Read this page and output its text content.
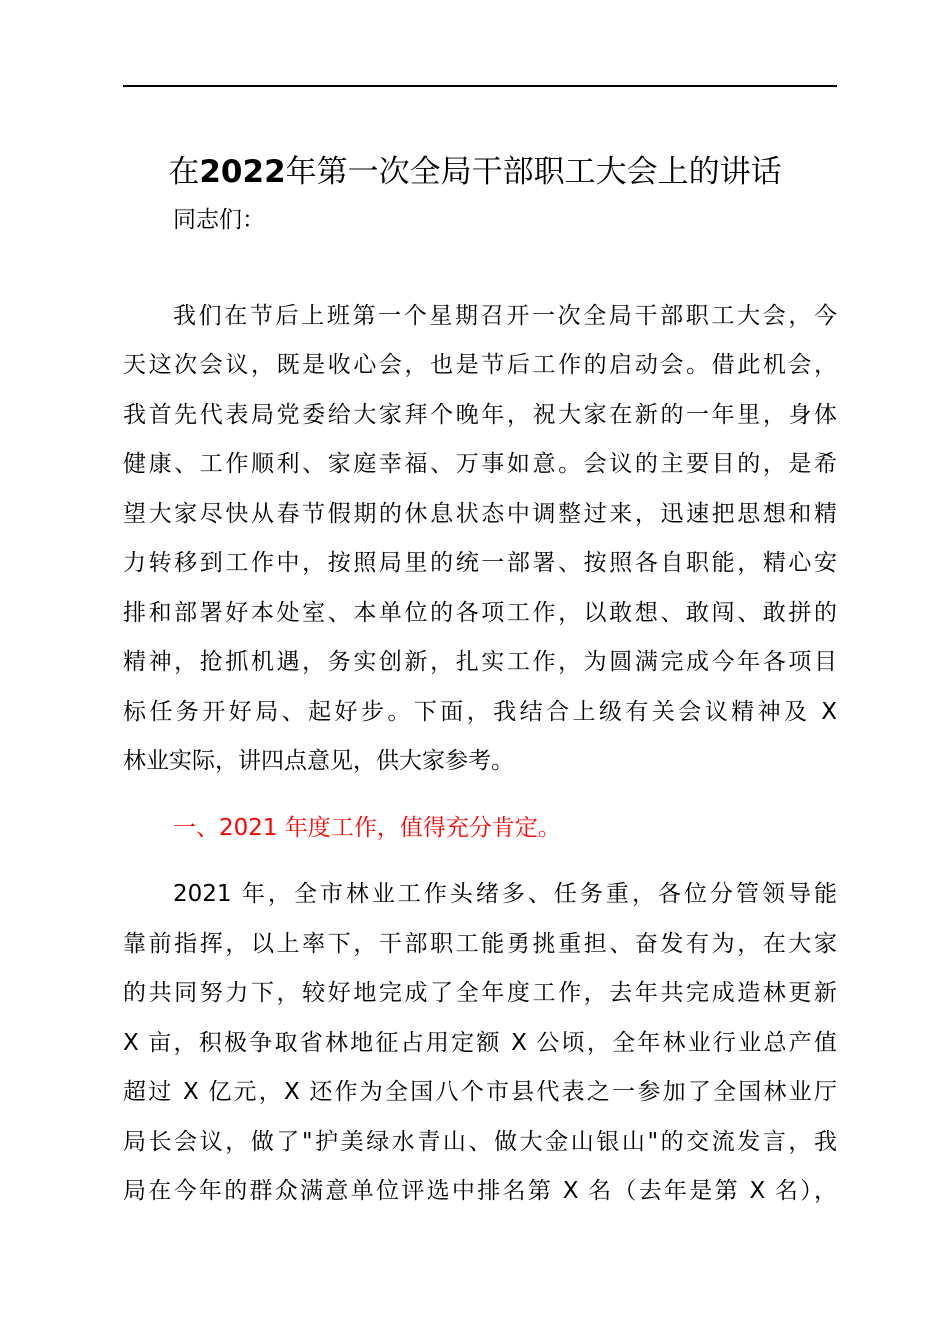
在2022年第一次全局干部职工大会上的讲话
同志们：
我们在节后上班第一个星期召开一次全局干部职工大会，今
天这次会议，既是收心会，也是节后工作的启动会。借此机会，
我首先代表局党委给大家拜个晚年，祝大家在新的一年里，身体
健康、工作顺利、家庭幸福、万事如意。会议的主要目的，是希
望大家尽快从春节假期的休息状态中调整过来，迅速把思想和精
力转移到工作中，按照局里的统一部署、按照各自职能，精心安
排和部署好本处室、本单位的各项工作，以敢想、敢闯、敢拼的
精神，抢抓机遇，务实创新，扎实工作，为圆满完成今年各项目
标任务开好局、起好步。下面，我结合上级有关会议精神及 X
林业实际，讲四点意见，供大家参考。
一、2021 年度工作，值得充分肯定。
2021 年，全市林业工作头绪多、任务重，各位分管领导能
靠前指挥，以上率下，干部职工能勇挑重担、奋发有为，在大家
的共同努力下，较好地完成了全年度工作，去年共完成造林更新
X 亩，积极争取省林地征占用定额 X 公顷，全年林业行业总产值
超过 X 亿元，X 还作为全国八个市县代表之一参加了全国林业厅
局长会议，做了"护美绿水青山、做大金山银山"的交流发言，我
局在今年的群众满意单位评选中排名第 X 名（去年是第 X 名），
